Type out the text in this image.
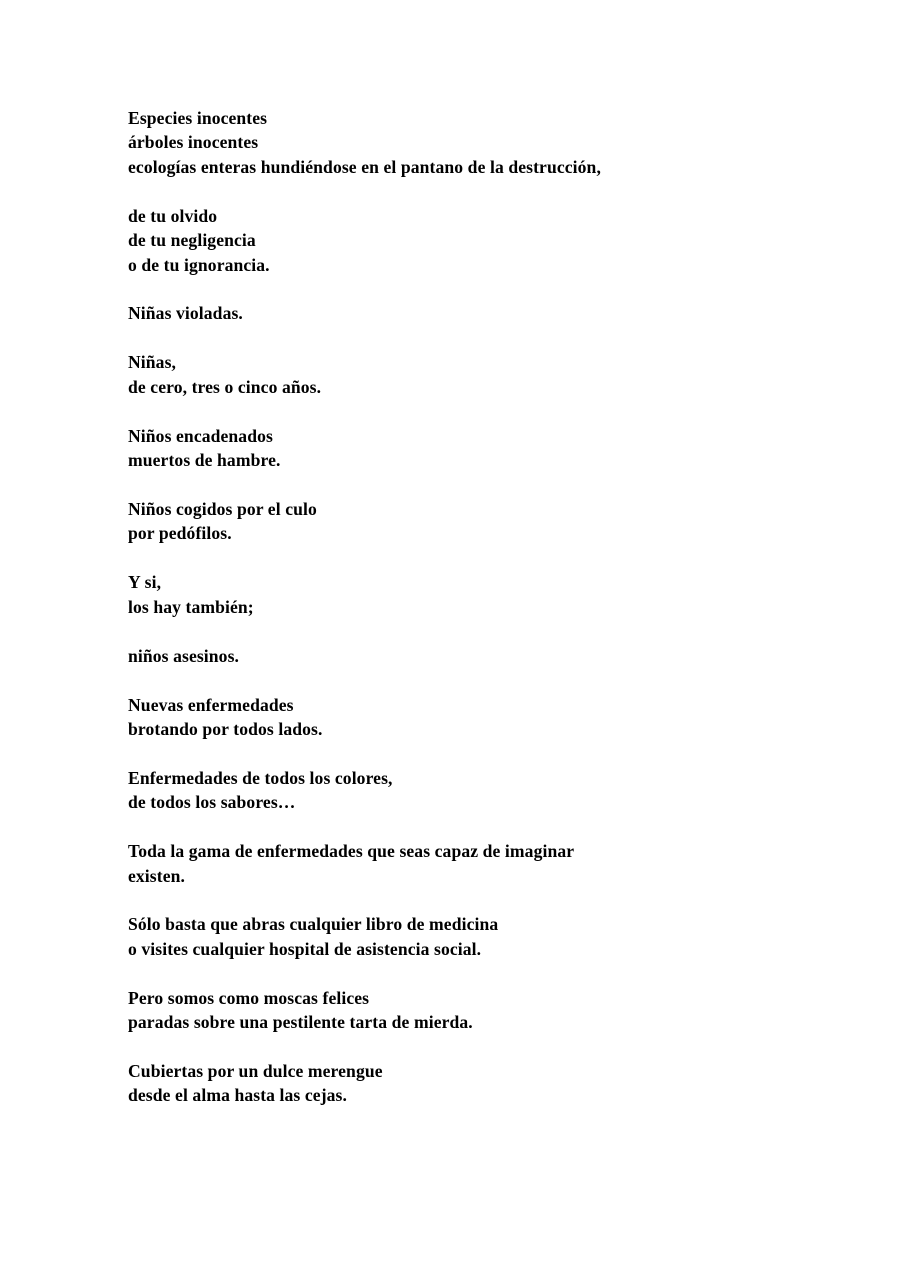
Especies inocentes
árboles inocentes
ecologías enteras hundiéndose en el pantano de la destrucción,
de tu olvido
de tu negligencia
o de tu ignorancia.
Niñas violadas.
Niñas,
de cero, tres o cinco años.
Niños encadenados
muertos de hambre.
Niños cogidos por el culo
por pedófilos.
Y si,
los hay también;
niños asesinos.
Nuevas enfermedades
brotando por todos lados.
Enfermedades de todos los colores,
de todos los sabores…
Toda la gama de enfermedades que seas capaz de imaginar
existen.
Sólo basta que abras cualquier libro de medicina
o visites cualquier hospital de asistencia social.
Pero somos como moscas felices
paradas sobre una pestilente tarta de mierda.
Cubiertas por un dulce merengue
desde el alma hasta las cejas.
